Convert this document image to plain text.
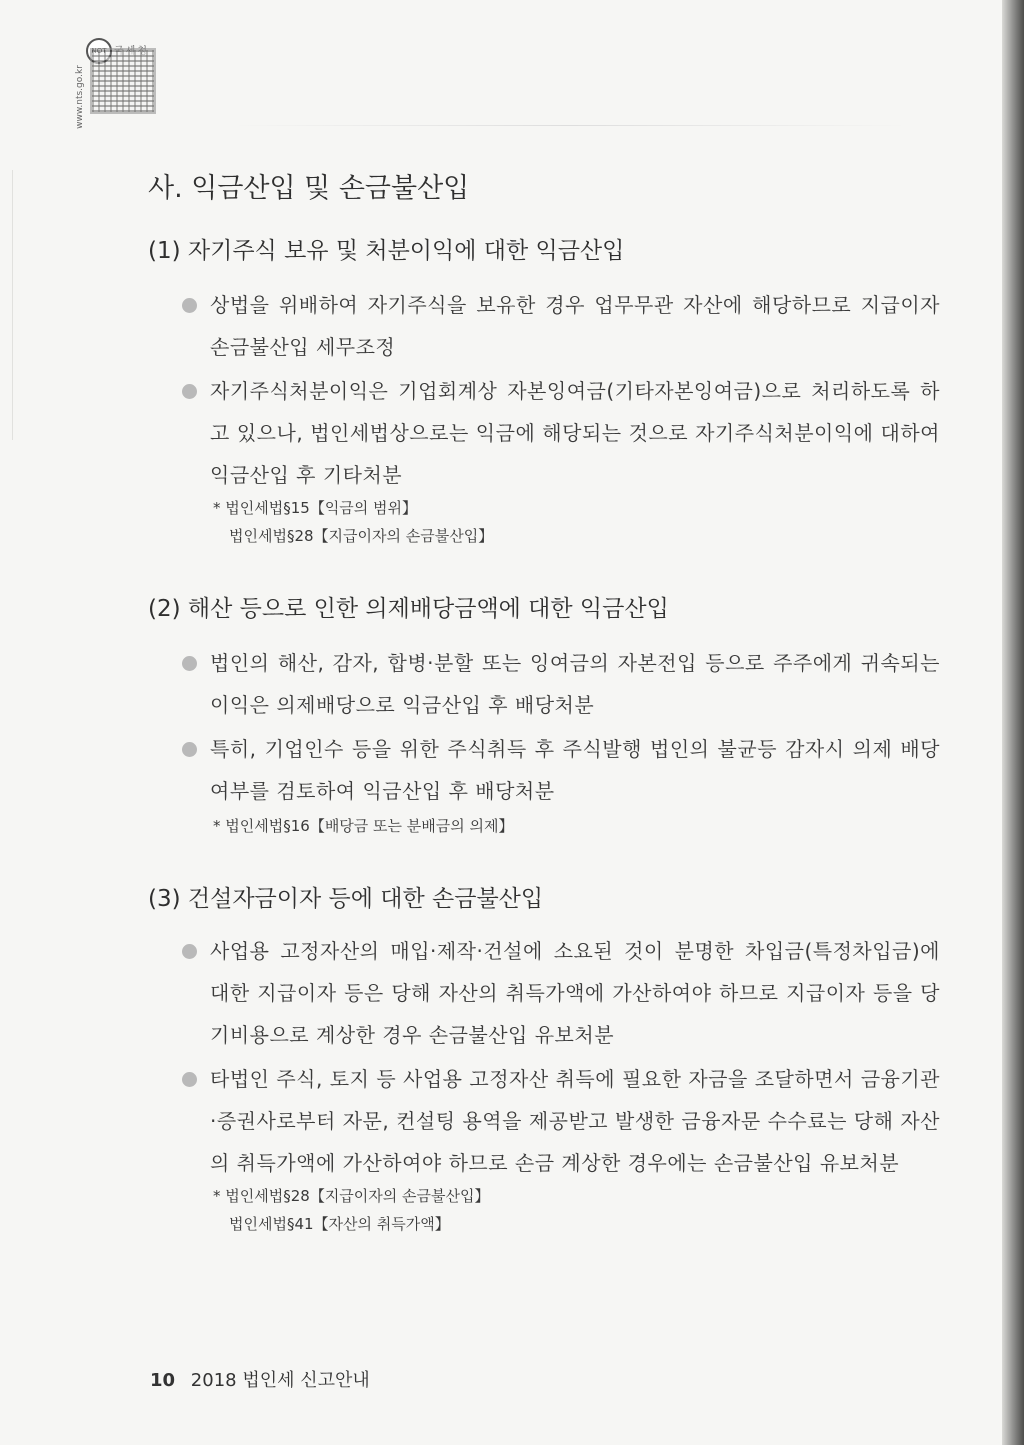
www.nts.go.kr
사. 익금산입 및 손금불산입
(1) 자기주식 보유 및 처분이익에 대한 익금산입
상법을 위배하여 자기주식을 보유한 경우 업무무관 자산에 해당하므로 지급이자 손금불산입 세무조정
자기주식처분이익은 기업회계상 자본잉여금(기타자본잉여금)으로 처리하도록 하고 있으나, 법인세법상으로는 익금에 해당되는 것으로 자기주식처분이익에 대하여 익금산입 후 기타처분
* 법인세법§15【익금의 범위】
법인세법§28【지급이자의 손금불산입】
(2) 해산 등으로 인한 의제배당금액에 대한 익금산입
법인의 해산, 감자, 합병·분할 또는 잉여금의 자본전입 등으로 주주에게 귀속되는 이익은 의제배당으로 익금산입 후 배당처분
특히, 기업인수 등을 위한 주식취득 후 주식발행 법인의 불균등 감자시 의제 배당 여부를 검토하여 익금산입 후 배당처분
* 법인세법§16【배당금 또는 분배금의 의제】
(3) 건설자금이자 등에 대한 손금불산입
사업용 고정자산의 매입·제작·건설에 소요된 것이 분명한 차입금(특정차입금)에 대한 지급이자 등은 당해 자산의 취득가액에 가산하여야 하므로 지급이자 등을 당기비용으로 계상한 경우 손금불산입 유보처분
타법인 주식, 토지 등 사업용 고정자산 취득에 필요한 자금을 조달하면서 금융기관·증권사로부터 자문, 컨설팅 용역을 제공받고 발생한 금융자문 수수료는 당해 자산의 취득가액에 가산하여야 하므로 손금 계상한 경우에는 손금불산입 유보처분
* 법인세법§28【지급이자의 손금불산입】
법인세법§41【자산의 취득가액】
10 2018 법인세 신고안내
